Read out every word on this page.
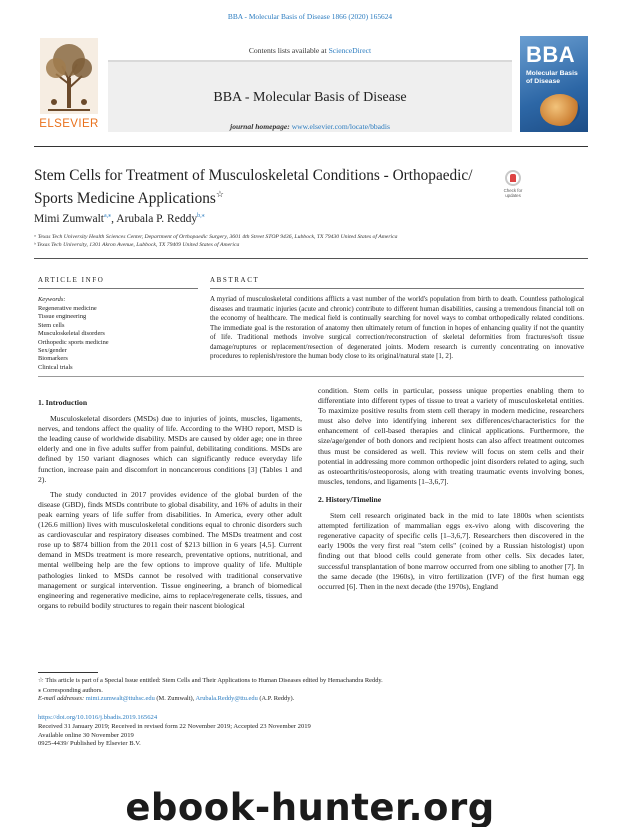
BBA - Molecular Basis of Disease 1866 (2020) 165624
ELSEVIER
Contents lists available at ScienceDirect
BBA - Molecular Basis of Disease
journal homepage: www.elsevier.com/locate/bbadis
BBA
Molecular Basis of Disease
Stem Cells for Treatment of Musculoskeletal Conditions - Orthopaedic/ Sports Medicine Applications☆	Check for updates
Mimi Zumwalt$^{a,⁎}$, Arubala P. Reddy$^{b,⁎}$
ᵃ Texas Tech University Health Sciences Center, Department of Orthopaedic Surgery, 3601 4th Street STOP 9436, Lubbock, TX 79430 United States of America
ᵇ Texas Tech University, 1301 Akron Avenue, Lubbock, TX 79409 United States of America
ARTICLE INFO
Keywords:
Regenerative medicine
Tissue engineering
Stem cells
Musculoskeletal disorders
Orthopedic sports medicine
Sex/gender
Biomarkers
Clinical trials
ABSTRACT
A myriad of musculoskeletal conditions afflicts a vast number of the world's population from birth to death. Countless pathological diseases and traumatic injuries (acute and chronic) contribute to different human disabilities, causing a tremendous financial toll on the economy of healthcare. The medical field is continually searching for novel ways to combat orthopedically related conditions. The immediate goal is the restoration of anatomy then ultimately return of function in hopes of enhancing quality if not the quantity of life. Traditional methods involve surgical correction/reconstruction of skeletal deformities from fractures/soft tissue damage/ruptures or replacement/resection of degenerated joints. Modern research is currently concentrating on innovative procedures to replenish/restore the human body close to its original/natural state [1, 2].
1. Introduction

Musculoskeletal disorders (MSDs) due to injuries of joints, muscles, ligaments, nerves, and tendons affect the quality of life. According to the WHO report, MSD is the leading cause of worldwide disability. MSDs are caused by older age; one in three elderly and one in five adults suffer from painful, debilitating conditions. MSDs are defined by 150 variant diagnoses which can significantly reduce everyday life function, increase pain and discomfort in noncancerous conditions [3] (Tables 1 and 2).

The study conducted in 2017 provides evidence of the global burden of the disease (GBD), finds MSDs contribute to global disability, and 16% of adults in their peak earning years of life suffer from disabilities. In America, every other adult (126.6 million) lives with musculoskeletal conditions equal to chronic disorders such as cardiovascular and respiratory diseases combined. The MSDs treatment and cost rose up to $874 billion from the 2011 cost of $213 billion in 6 years [4,5]. Current demand in MSDs treatment is more research, preventative options, nutritional, and mental wellbeing help are the few options to improve quality of life. Multiple pathologies linked to MSDs cannot be resolved with traditional conservative management or surgical intervention. Tissue engineering, a branch of biomedical engineering and regenerative medicine, aims to replace/regenerate cells, tissues, and organs to rebuild bodily structures to regain their nascent biological

condition. Stem cells in particular, possess unique properties enabling them to differentiate into different types of tissue to treat a variety of musculoskeletal entities. To maximize positive results from stem cell therapy in modern medicine, researchers must also delve into identifying inherent sex differences/characteristics for the enhancement of cell-based therapies and clinical applications. Furthermore, the size/age/gender of both donors and recipient hosts can also affect treatment outcomes thus must be considered as well. This review will focus on stem cells and their potential in addressing more common orthopedic joint disorders related to aging, such as osteoarthritis/osteoporosis, along with treating traumatic events involving bones, muscles, tendons, and ligaments [1–3,6,7].
2. History/Timeline

Stem cell research originated back in the mid to late 1800s when scientists attempted fertilization of mammalian eggs ex-vivo along with discovering the regenerative capacity of specific cells [1–3,6,7]. Researchers then discovered in the early 1900s the very first real "stem cells" (coined by a Russian histologist) upon finding out that blood cells could generate from other cells. Six decades later, successful transplantation of bone marrow occurred from one sibling to another [7]. In the same decade (the 1960s), in vitro fertilization (IVF) of the first human egg occurred [6]. Then in the next decade (the 1970s), England

☆ This article is part of a Special Issue entitled: Stem Cells and Their Applications to Human Diseases edited by Hemachandra Reddy.
⁎ Corresponding authors.
E-mail addresses: mimi.zumwalt@ttuhsc.edu (M. Zumwalt), Arubala.Reddy@ttu.edu (A.P. Reddy).
https://doi.org/10.1016/j.bbadis.2019.165624
Received 31 January 2019; Received in revised form 22 November 2019; Accepted 23 November 2019
Available online 30 November 2019
0925-4439/ Published by Elsevier B.V.
ebook-hunter.org
